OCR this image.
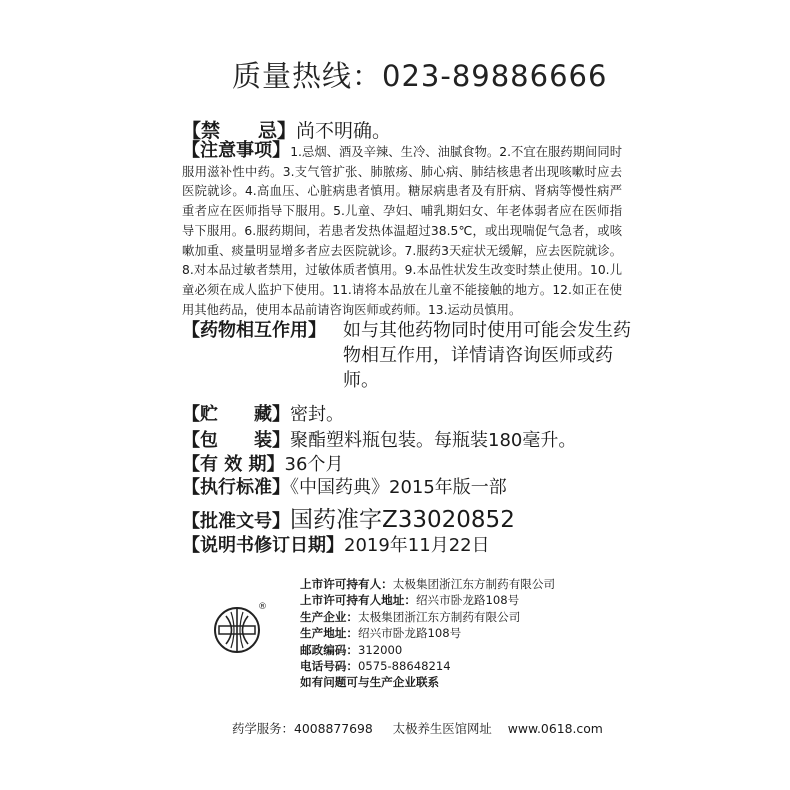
质量热线：023-89886666
【禁　　忌】尚不明确。
【注意事项】1.忌烟、酒及辛辣、生冷、油腻食物。2.不宜在服药期间同时服用滋补性中药。3.支气管扩张、肺脓疡、肺心病、肺结核患者出现咳嗽时应去医院就诊。4.高血压、心脏病患者慎用。糖尿病患者及有肝病、肾病等慢性病严重者应在医师指导下服用。5.儿童、孕妇、哺乳期妇女、年老体弱者应在医师指导下服用。6.服药期间，若患者发热体温超过38.5℃，或出现喘促气急者，或咳嗽加重、痰量明显增多者应去医院就诊。7.服药3天症状无缓解，应去医院就诊。8.对本品过敏者禁用，过敏体质者慎用。9.本品性状发生改变时禁止使用。10.儿童必须在成人监护下使用。11.请将本品放在儿童不能接触的地方。12.如正在使用其他药品，使用本品前请咨询医师或药师。13.运动员慎用。
【药物相互作用】 如与其他药物同时使用可能会发生药物相互作用，详情请咨询医师或药师。
【贮　　藏】密封。
【包　　装】聚酯塑料瓶包装。每瓶装180毫升。
【有 效 期】36个月
【执行标准】《中国药典》2015年版一部
【批准文号】国药准字Z33020852
【说明书修订日期】2019年11月22日
®
上市许可持有人：太极集团浙江东方制药有限公司
上市许可持有人地址：绍兴市卧龙路108号
生产企业：太极集团浙江东方制药有限公司
生产地址：绍兴市卧龙路108号
邮政编码：312000
电话号码：0575-88648214
如有问题可与生产企业联系
药学服务：4008877698 太极养生医馆网址 www.0618.com
